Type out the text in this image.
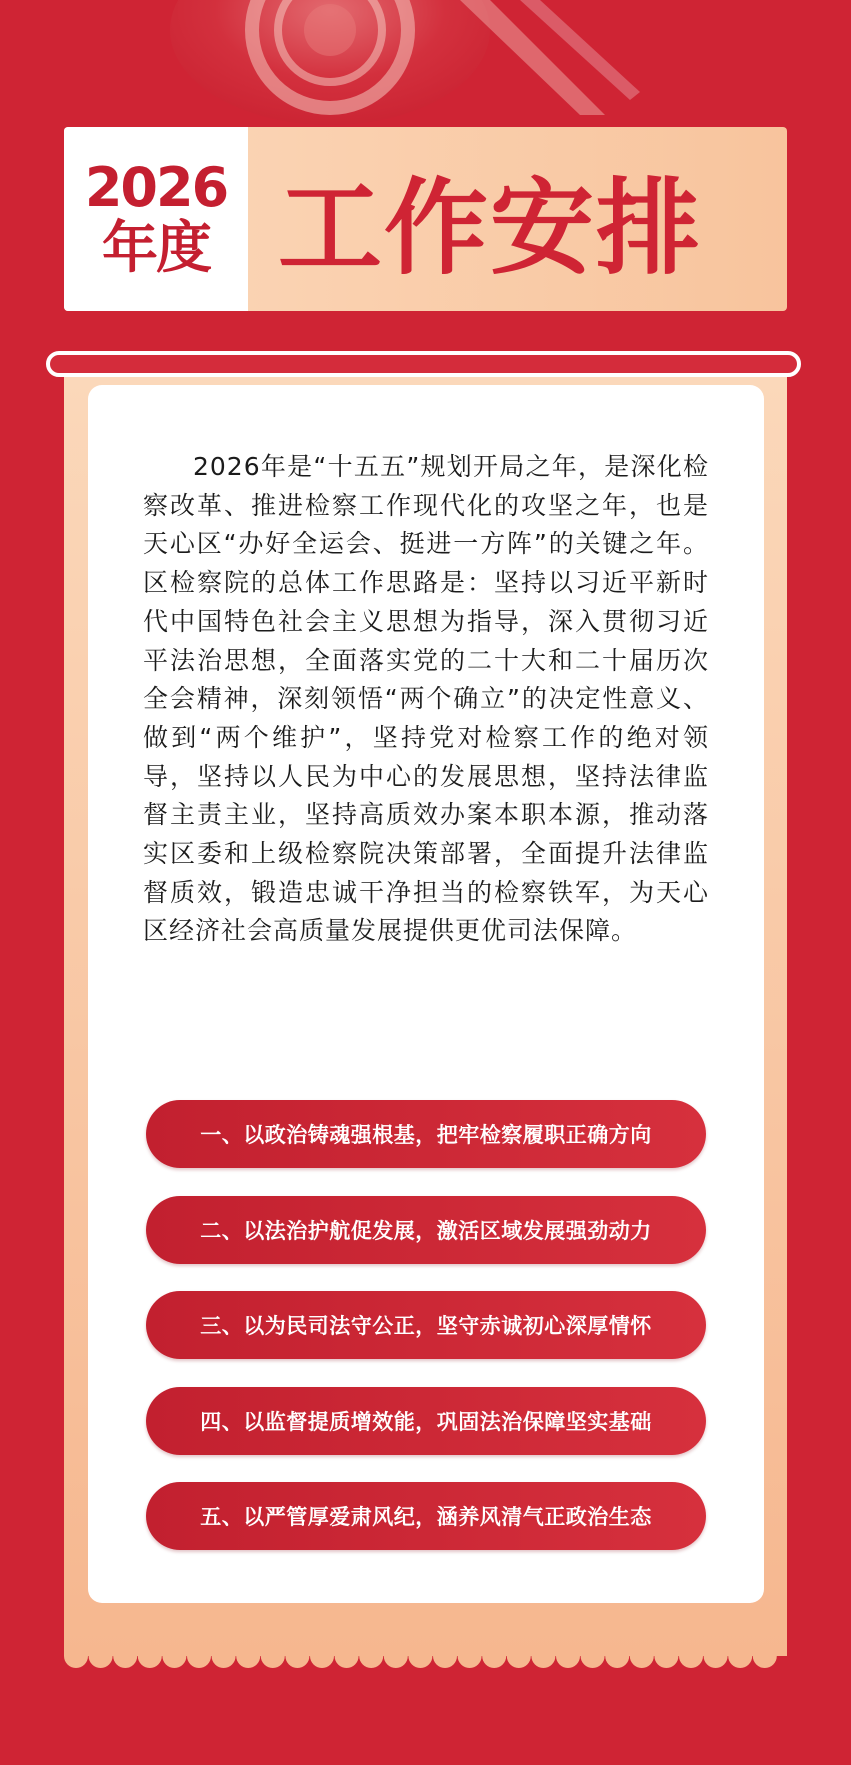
2026
年度 工作安排

2026年是“十五五”规划开局之年，是深化检察改革、推进检察工作现代化的攻坚之年，也是天心区“办好全运会、挺进一方阵”的关键之年。区检察院的总体工作思路是：坚持以习近平新时代中国特色社会主义思想为指导，深入贯彻习近平法治思想，全面落实党的二十大和二十届历次全会精神，深刻领悟“两个确立”的决定性意义、做到“两个维护”，坚持党对检察工作的绝对领导，坚持以人民为中心的发展思想，坚持法律监督主责主业，坚持高质效办案本职本源，推动落实区委和上级检察院决策部署，全面提升法律监督质效，锻造忠诚干净担当的检察铁军，为天心区经济社会高质量发展提供更优司法保障。

一、以政治铸魂强根基，把牢检察履职正确方向
二、以法治护航促发展，激活区域发展强劲动力
三、以为民司法守公正，坚守赤诚初心深厚情怀
四、以监督提质增效能，巩固法治保障坚实基础
五、以严管厚爱肃风纪，涵养风清气正政治生态
